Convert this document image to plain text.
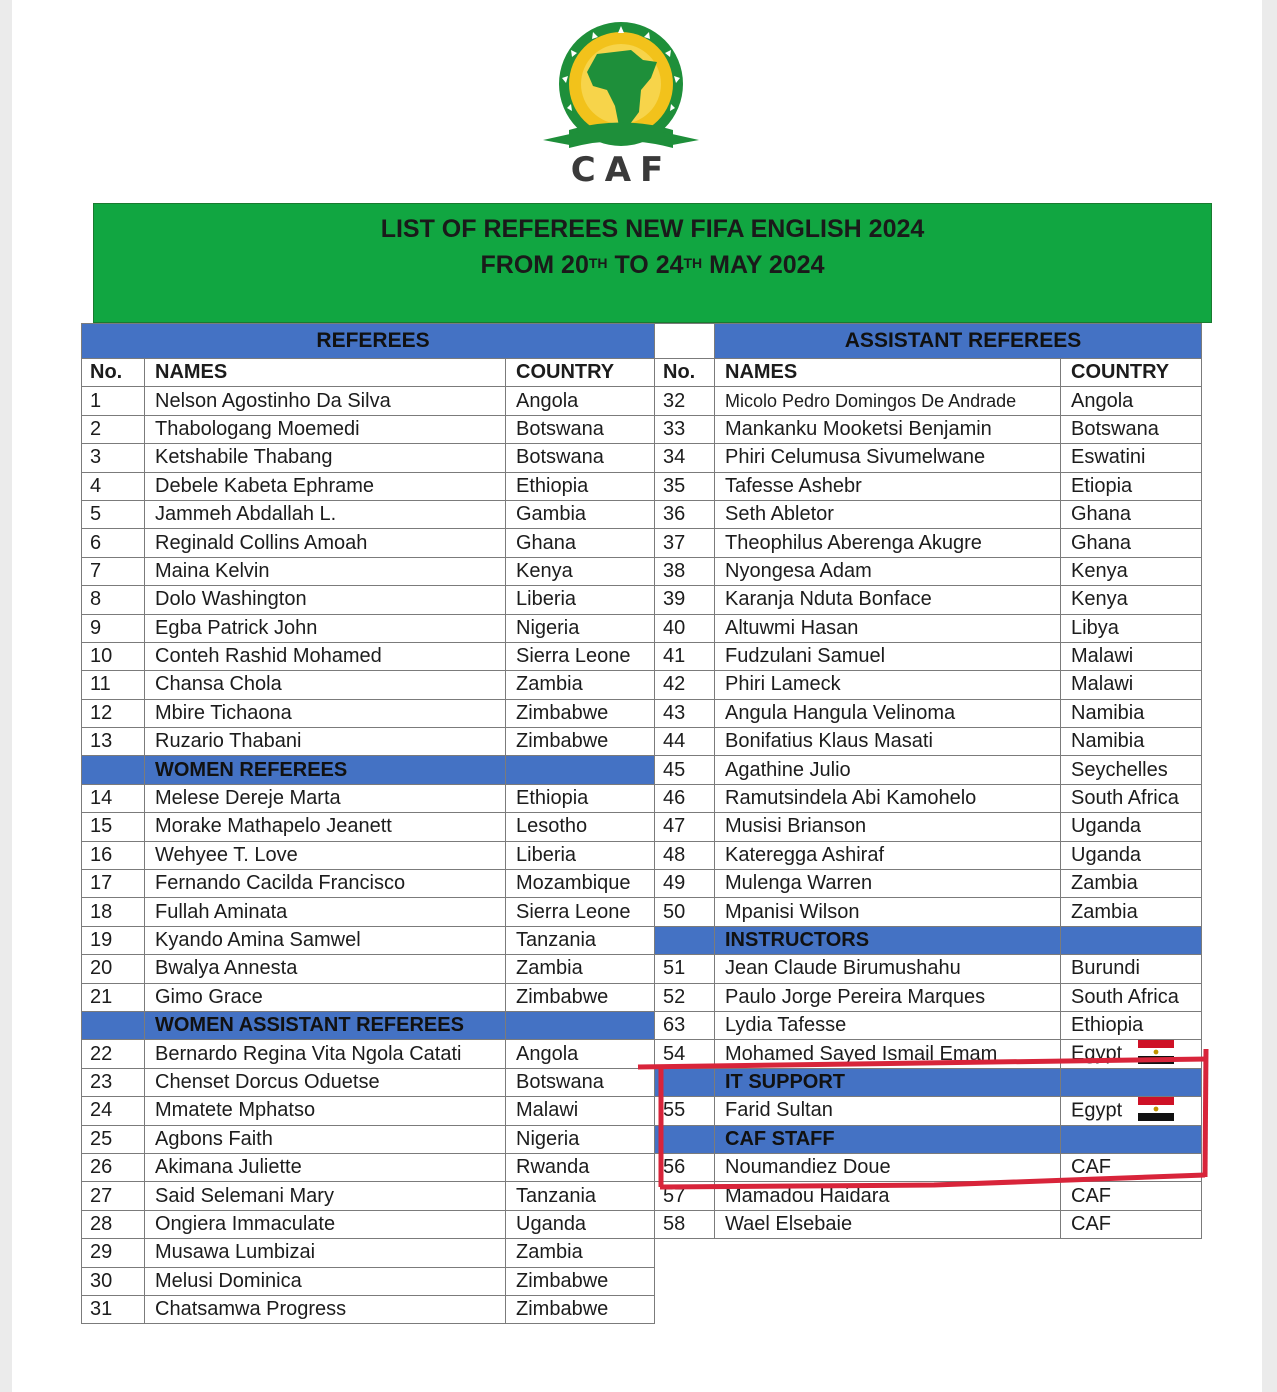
CAF
LIST OF REFEREES NEW FIFA ENGLISH 2024
FROM 20TH TO 24TH MAY 2024
REFEREES		
No.	NAMES	COUNTRY
1	Nelson Agostinho Da Silva	Angola
2	Thabologang Moemedi	Botswana
3	Ketshabile Thabang	Botswana
4	Debele Kabeta Ephrame	Ethiopia
5	Jammeh Abdallah L.	Gambia
6	Reginald Collins Amoah	Ghana
7	Maina Kelvin	Kenya
8	Dolo Washington	Liberia
9	Egba Patrick John	Nigeria
10	Conteh Rashid Mohamed	Sierra Leone
11	Chansa Chola	Zambia
12	Mbire Tichaona	Zimbabwe
13	Ruzario Thabani	Zimbabwe
	WOMEN REFEREES	
14	Melese Dereje Marta	Ethiopia
15	Morake Mathapelo Jeanett	Lesotho
16	Wehyee T. Love	Liberia
17	Fernando Cacilda Francisco	Mozambique
18	Fullah Aminata	Sierra Leone
19	Kyando Amina Samwel	Tanzania
20	Bwalya Annesta	Zambia
21	Gimo Grace	Zimbabwe
	WOMEN ASSISTANT REFEREES	
22	Bernardo Regina Vita Ngola Catati	Angola
23	Chenset Dorcus Oduetse	Botswana
24	Mmatete Mphatso	Malawi
25	Agbons Faith	Nigeria
26	Akimana Juliette	Rwanda
27	Said Selemani Mary	Tanzania
28	Ongiera Immaculate	Uganda
29	Musawa Lumbizai	Zambia
30	Melusi Dominica	Zimbabwe
31	Chatsamwa Progress	Zimbabwe
	ASSISTANT REFEREES	
No.	NAMES	COUNTRY
32	Micolo Pedro Domingos De Andrade	Angola
33	Mankanku Mooketsi Benjamin	Botswana
34	Phiri Celumusa Sivumelwane	Eswatini
35	Tafesse Ashebr	Etiopia
36	Seth Abletor	Ghana
37	Theophilus Aberenga Akugre	Ghana
38	Nyongesa Adam	Kenya
39	Karanja Nduta Bonface	Kenya
40	Altuwmi Hasan	Libya
41	Fudzulani Samuel	Malawi
42	Phiri Lameck	Malawi
43	Angula Hangula Velinoma	Namibia
44	Bonifatius Klaus Masati	Namibia
45	Agathine Julio	Seychelles
46	Ramutsindela Abi Kamohelo	South Africa
47	Musisi Brianson	Uganda
48	Kateregga Ashiraf	Uganda
49	Mulenga Warren	Zambia
50	Mpanisi Wilson	Zambia
	INSTRUCTORS	
51	Jean Claude Birumushahu	Burundi
52	Paulo Jorge Pereira Marques	South Africa
63	Lydia Tafesse	Ethiopia
54	Mohamed Sayed Ismail Emam	Egypt
	IT SUPPORT	
55	Farid Sultan	Egypt
	CAF STAFF	
56	Noumandiez Doue	CAF
57	Mamadou Haidara	CAF
58	Wael Elsebaie	CAF
